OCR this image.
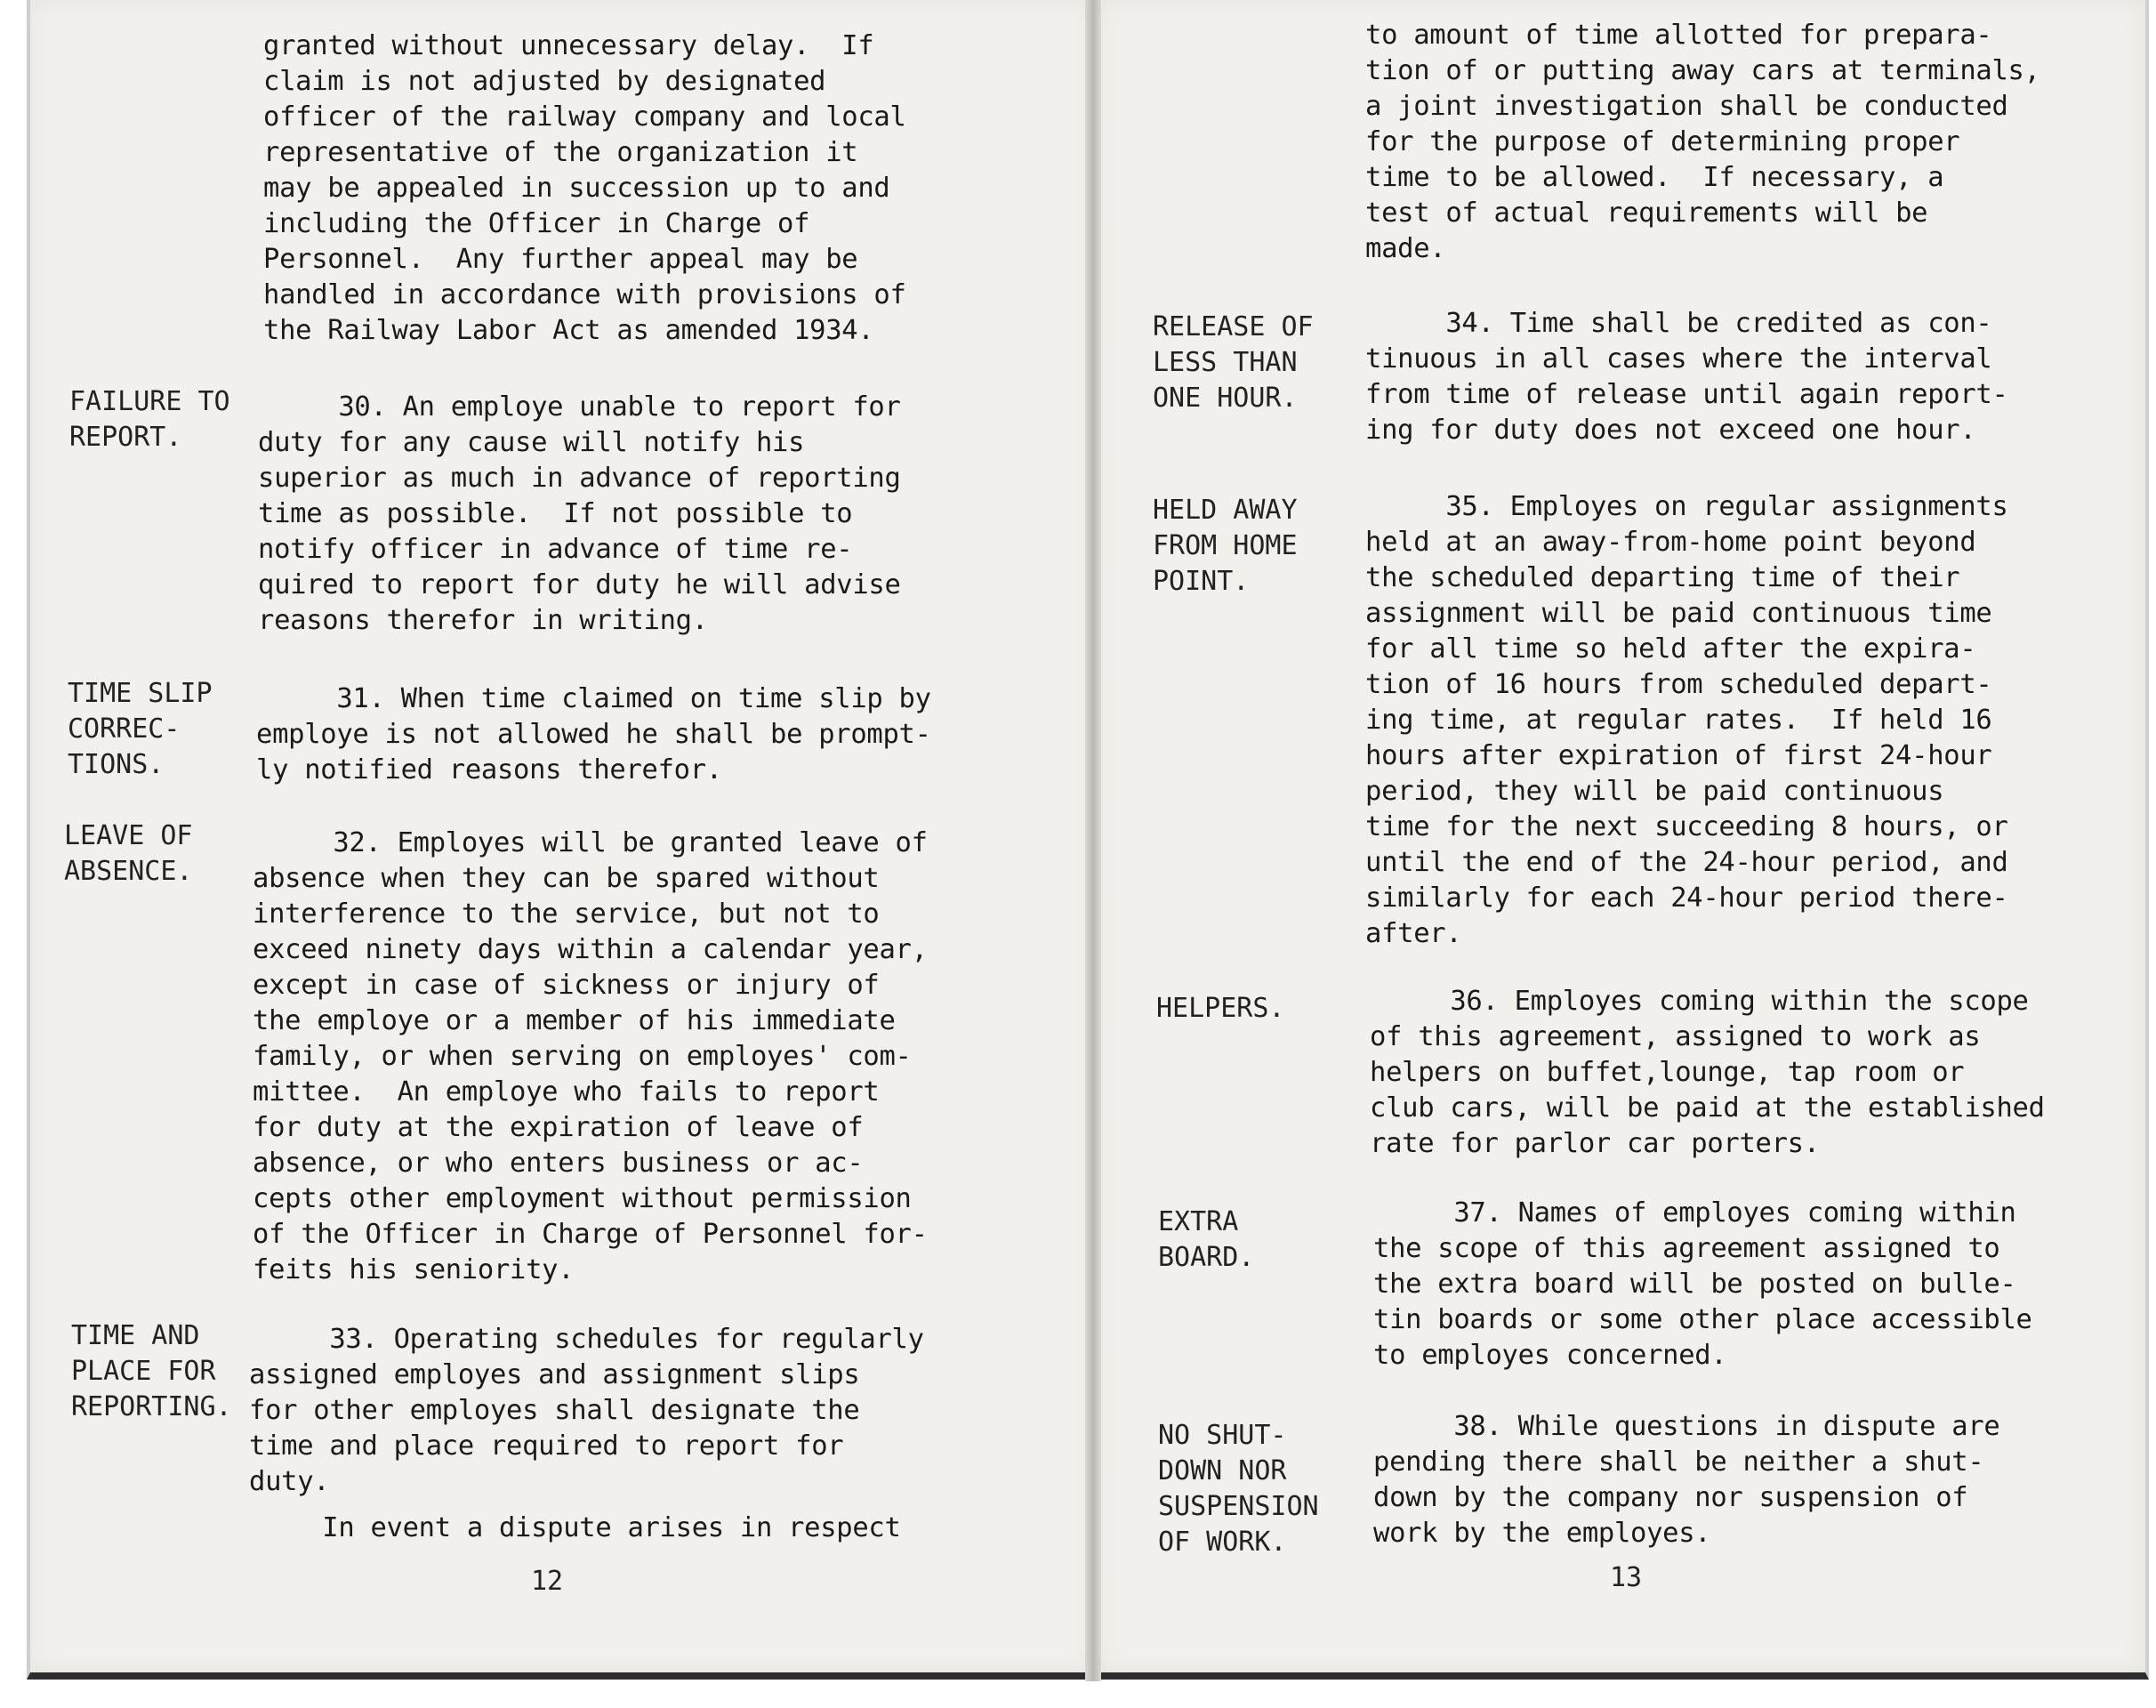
granted without unnecessary delay.  If
claim is not adjusted by designated
officer of the railway company and local
representative of the organization it
may be appealed in succession up to and
including the Officer in Charge of
Personnel.  Any further appeal may be
handled in accordance with provisions of
the Railway Labor Act as amended 1934.
FAILURE TO
REPORT.
30. An employe unable to report for
duty for any cause will notify his
superior as much in advance of reporting
time as possible.  If not possible to
notify officer in advance of time re-
quired to report for duty he will advise
reasons therefor in writing.
TIME SLIP
CORREC-
TIONS.
31. When time claimed on time slip by
employe is not allowed he shall be prompt-
ly notified reasons therefor.
LEAVE OF
ABSENCE.
32. Employes will be granted leave of
absence when they can be spared without
interference to the service, but not to
exceed ninety days within a calendar year,
except in case of sickness or injury of
the employe or a member of his immediate
family, or when serving on employes' com-
mittee.  An employe who fails to report
for duty at the expiration of leave of
absence, or who enters business or ac-
cepts other employment without permission
of the Officer in Charge of Personnel for-
feits his seniority.
TIME AND
PLACE FOR
REPORTING.
33. Operating schedules for regularly
assigned employes and assignment slips
for other employes shall designate the
time and place required to report for
duty.
In event a dispute arises in respect
12
to amount of time allotted for prepara-
tion of or putting away cars at terminals,
a joint investigation shall be conducted
for the purpose of determining proper
time to be allowed.  If necessary, a
test of actual requirements will be
made.
RELEASE OF
LESS THAN
ONE HOUR.
34. Time shall be credited as con-
tinuous in all cases where the interval
from time of release until again report-
ing for duty does not exceed one hour.
HELD AWAY
FROM HOME
POINT.
35. Employes on regular assignments
held at an away-from-home point beyond
the scheduled departing time of their
assignment will be paid continuous time
for all time so held after the expira-
tion of 16 hours from scheduled depart-
ing time, at regular rates.  If held 16
hours after expiration of first 24-hour
period, they will be paid continuous
time for the next succeeding 8 hours, or
until the end of the 24-hour period, and
similarly for each 24-hour period there-
after.
HELPERS.	36. Employes coming within the scope
of this agreement, assigned to work as
helpers on buffet,lounge, tap room or
club cars, will be paid at the established
rate for parlor car porters.
EXTRA
BOARD.
37. Names of employes coming within
the scope of this agreement assigned to
the extra board will be posted on bulle-
tin boards or some other place accessible
to employes concerned.
NO SHUT-
DOWN NOR
SUSPENSION
OF WORK.
38. While questions in dispute are
pending there shall be neither a shut-
down by the company nor suspension of
work by the employes.
13
